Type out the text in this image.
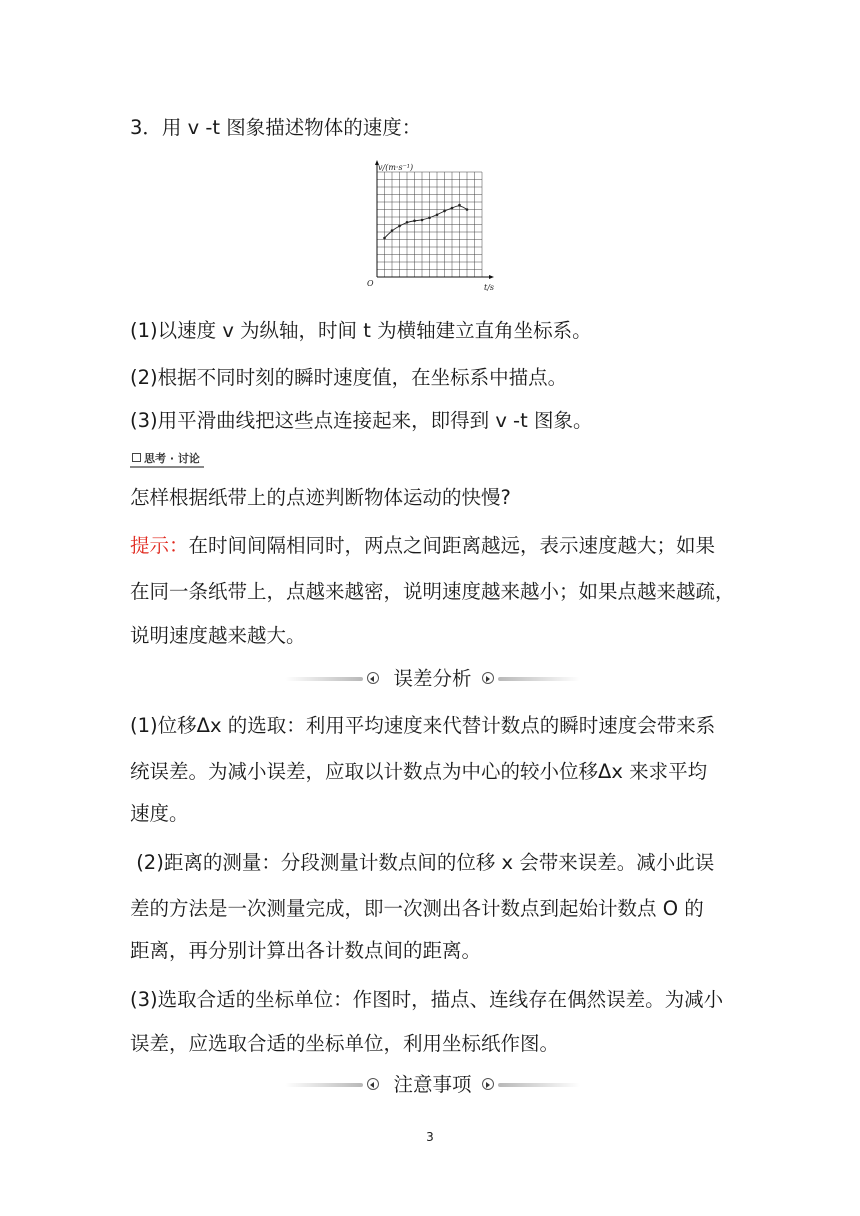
3．用 v -t 图象描述物体的速度：
v/(m·s⁻¹)
t/s
O
(1)以速度 v 为纵轴，时间 t 为横轴建立直角坐标系。
(2)根据不同时刻的瞬时速度值，在坐标系中描点。
(3)用平滑曲线把这些点连接起来，即得到 v -t 图象。
思考 · 讨论
怎样根据纸带上的点迹判断物体运动的快慢?
提示：在时间间隔相同时，两点之间距离越远，表示速度越大；如果
在同一条纸带上，点越来越密，说明速度越来越小；如果点越来越疏，
说明速度越来越大。
误差分析
(1)位移Δx 的选取：利用平均速度来代替计数点的瞬时速度会带来系
统误差。为减小误差，应取以计数点为中心的较小位移Δx 来求平均
速度。
(2)距离的测量：分段测量计数点间的位移 x 会带来误差。减小此误
差的方法是一次测量完成，即一次测出各计数点到起始计数点 O 的
距离，再分别计算出各计数点间的距离。
(3)选取合适的坐标单位：作图时，描点、连线存在偶然误差。为减小
误差，应选取合适的坐标单位，利用坐标纸作图。
注意事项
3
